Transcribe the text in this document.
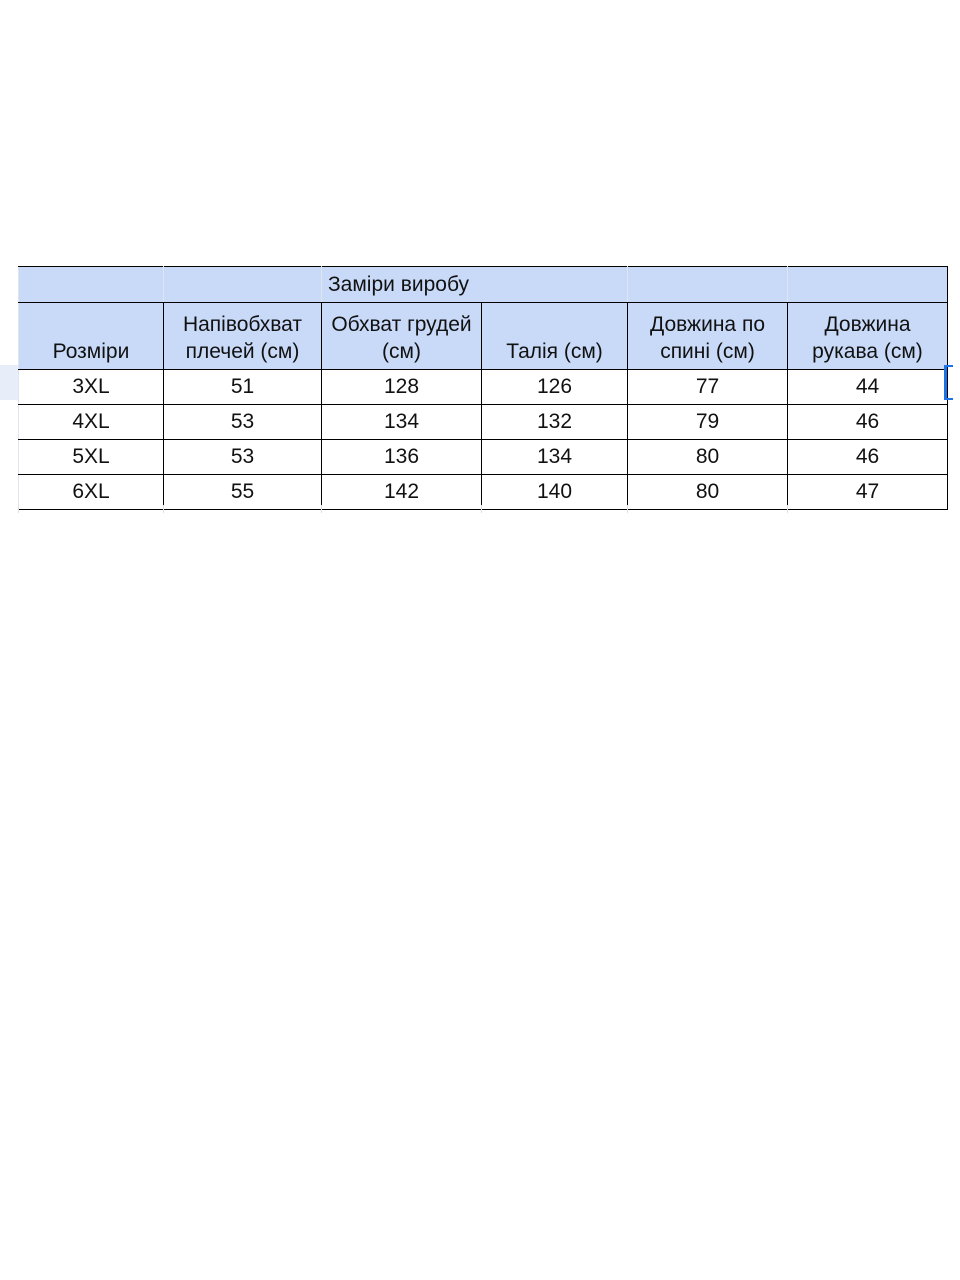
		Заміри виробу			
Розміри	Напівобхват плечей (см)	Обхват грудей (см)	Талія (см)	Довжина по спині (см)	Довжина рукава (см)
3XL	51	128	126	77	44
4XL	53	134	132	79	46
5XL	53	136	134	80	46
6XL	55	142	140	80	47
